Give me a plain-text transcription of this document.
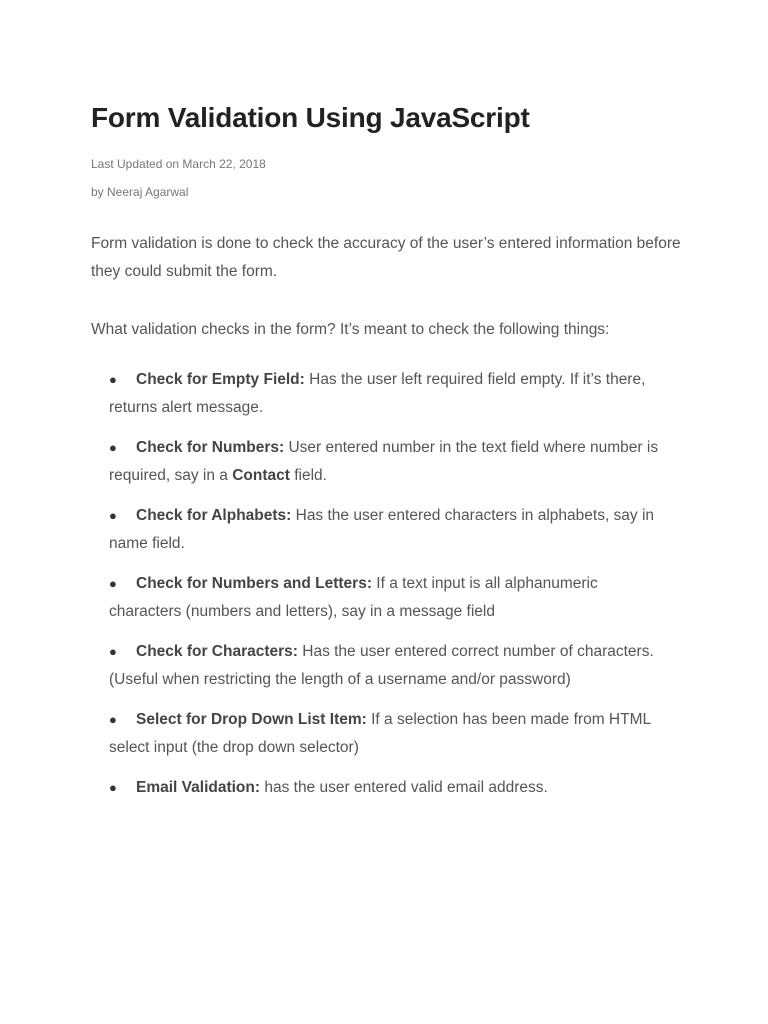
Form Validation Using JavaScript

Last Updated on March 22, 2018

by Neeraj Agarwal

Form validation is done to check the accuracy of the user’s entered information before they could submit the form.

What validation checks in the form? It’s meant to check the following things:

● Check for Empty Field: Has the user left required field empty. If it’s there, returns alert message.
● Check for Numbers: User entered number in the text field where number is required, say in a Contact field.
● Check for Alphabets: Has the user entered characters in alphabets, say in name field.
● Check for Numbers and Letters: If a text input is all alphanumeric characters (numbers and letters), say in a message field
● Check for Characters: Has the user entered correct number of characters. (Useful when restricting the length of a username and/or password)
● Select for Drop Down List Item: If a selection has been made from HTML select input (the drop down selector)
● Email Validation: has the user entered valid email address.
